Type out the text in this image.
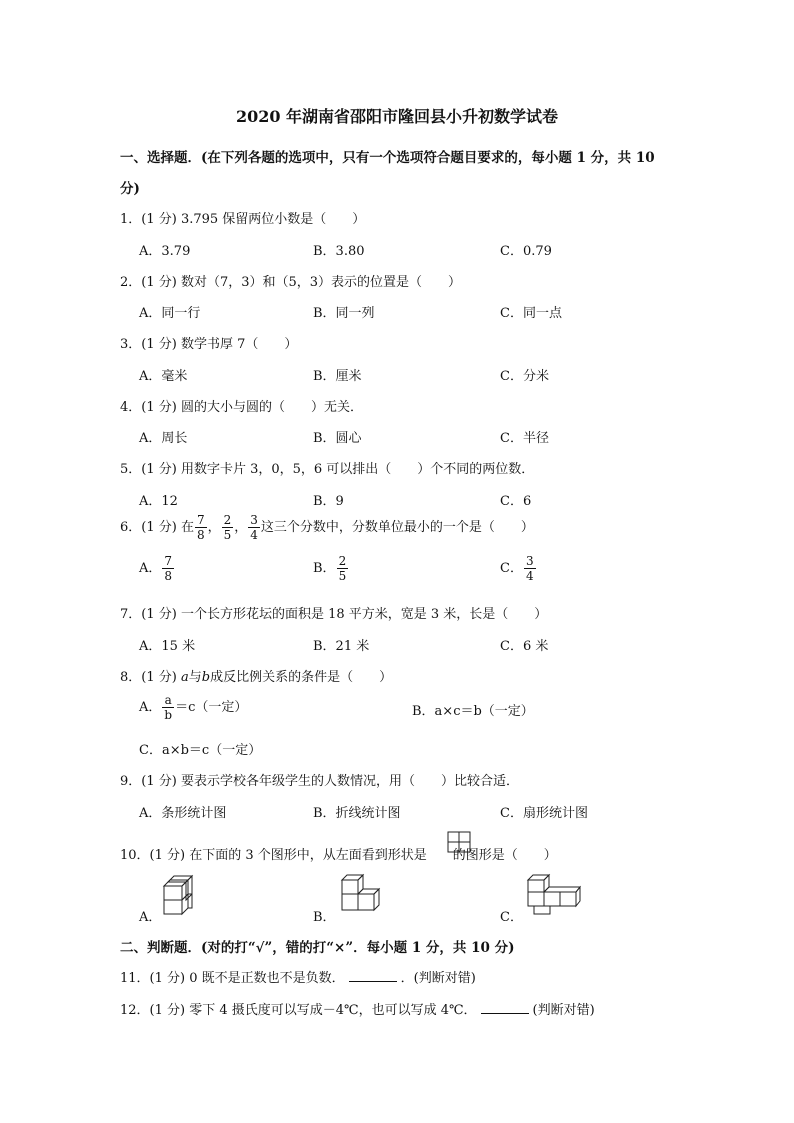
2020 年湖南省邵阳市隆回县小升初数学试卷
一、选择题．(在下列各题的选项中，只有一个选项符合题目要求的，每小题 1 分，共 10
分)
1．(1 分) 3.795 保留两位小数是（　　）
A．3.79	B．3.80	C．0.79
2．(1 分) 数对（7，3）和（5，3）表示的位置是（　　）
A．同一行	B．同一列	C．同一点
3．(1 分) 数学书厚 7（　　）
A．毫米	B．厘米	C．分米
4．(1 分) 圆的大小与圆的（　　）无关．
A．周长	B．圆心	C．半径
5．(1 分) 用数字卡片 3，0，5，6 可以排出（　　）个不同的两位数．
A．12	B．9	C．6
6．(1 分) 在 $\frac{7}{8}$ ， $\frac{2}{5}$ ， $\frac{3}{4}$ 这三个分数中，分数单位最小的一个是（　　）
A． $\frac{7}{8}$	B． $\frac{2}{5}$	C． $\frac{3}{4}$
7．(1 分) 一个长方形花坛的面积是 18 平方米，宽是 3 米，长是（　　）
A．15 米	B．21 米	C．6 米
8．(1 分) a与b成反比例关系的条件是（　　）
A． $\frac{a}{b} =c$（一定）	B．a×c＝b（一定）
C．a×b＝c（一定）
9．(1 分) 要表示学校各年级学生的人数情况，用（　　）比较合适．
A．条形统计图	B．折线统计图	C．扇形统计图
10．(1 分) 在下面的 3 个图形中，从左面看到形状是 的图形是（　　）
A．	B．	C．
二、判断题．(对的打“√”，错的打“×”．每小题 1 分，共 10 分)
11．(1 分) 0 既不是正数也不是负数．	．(判断对错)
12．(1 分) 零下 4 摄氏度可以写成－4℃，也可以写成 4℃．	(判断对错)
